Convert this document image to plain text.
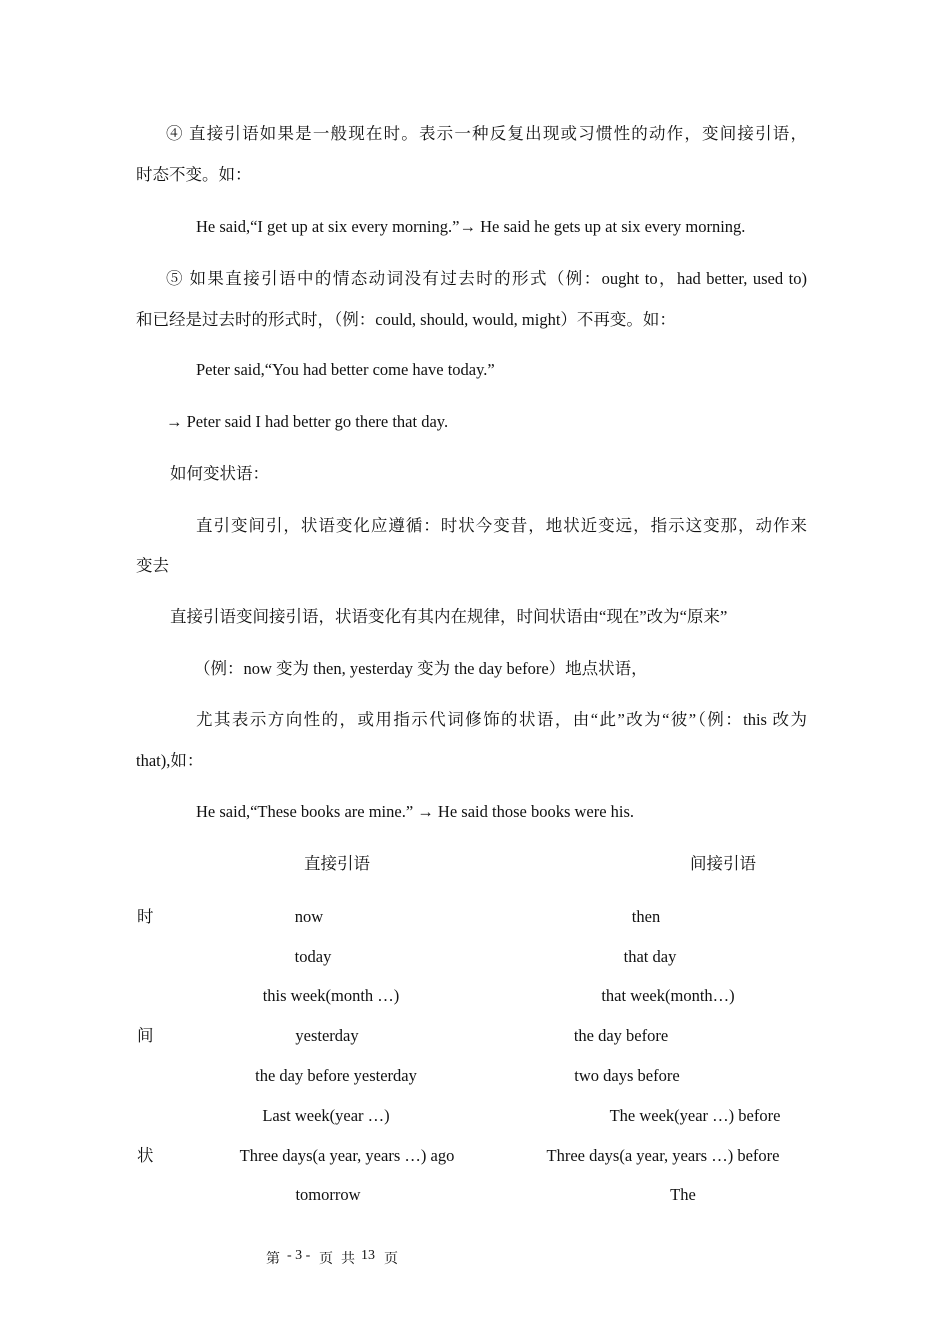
④ 直接引语如果是一般现在时。表示一种反复出现或习惯性的动作，变间接引语，
时态不变。如：
He said,“I get up at six every morning.”→ He said he gets up at six every morning.
⑤ 如果直接引语中的情态动词没有过去时的形式（例：ought to，had better, used to)
和已经是过去时的形式时，（例：could, should, would, might）不再变。如：
Peter said,“You had better come have today.”
→ Peter said I had better go there that day.
如何变状语：
直引变间引，状语变化应遵循：时状今变昔，地状近变远，指示这变那，动作来
变去
直接引语变间接引语，状语变化有其内在规律，时间状语由“现在”改为“原来”
（例：now 变为 then, yesterday 变为 the day before）地点状语，
尤其表示方向性的，或用指示代词修饰的状语，由“此”改为“彼”（例：this 改为
that),如：
He said,“These books are mine.” → He said those books were his.
直接引语	间接引语
时
间
状
now	then
today	that day
this week(month …)	that week(month…)
yesterday	the day before
the day before yesterday	two days before
Last week(year …)	The week(year …) before
Three days(a year, years …) ago	Three days(a year, years …) before
tomorrow	The
第 - 3 - 页 共 13 页
